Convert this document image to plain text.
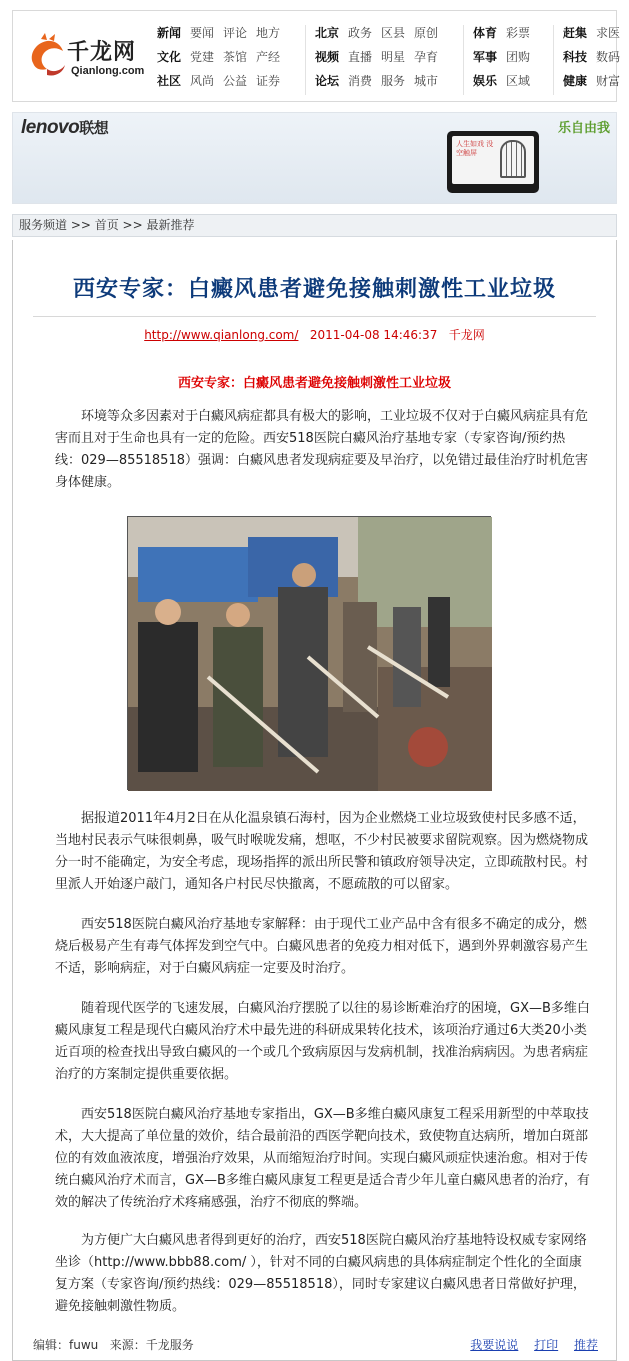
千龙网
Qianlong.com
新闻 要闻 评论 地方
文化 党建 茶馆 产经
社区 风尚 公益 证券
北京 政务 区县 原创
视频 直播 明星 孕育
论坛 消费 服务 城市
体育 彩票
军事 团购
娱乐 区域
赶集 求医
科技 数码
健康 财富
lenovo联想
人生如戏 没空触屏
乐自由我
服务频道 >> 首页 >> 最新推荐
西安专家：白癜风患者避免接触刺激性工业垃圾
http://www.qianlong.com/ 2011-04-08 14:46:37 千龙网
西安专家：白癜风患者避免接触刺激性工业垃圾
环境等众多因素对于白癜风病症都具有极大的影响，工业垃圾不仅对于白癜风病症具有危害而且对于生命也具有一定的危险。西安518医院白癜风治疗基地专家（专家咨询/预约热线：029—85518518）强调：白癜风患者发现病症要及早治疗，以免错过最佳治疗时机危害身体健康。
据报道2011年4月2日在从化温泉镇石海村，因为企业燃烧工业垃圾致使村民多感不适，当地村民表示气味很刺鼻，吸气时喉咙发痛，想呕，不少村民被要求留院观察。因为燃烧物成分一时不能确定，为安全考虑，现场指挥的派出所民警和镇政府领导决定，立即疏散村民。村里派人开始逐户敲门，通知各户村民尽快撤离，不愿疏散的可以留家。
西安518医院白癜风治疗基地专家解释：由于现代工业产品中含有很多不确定的成分，燃烧后极易产生有毒气体挥发到空气中。白癜风患者的免疫力相对低下，遇到外界刺激容易产生不适，影响病症，对于白癜风病症一定要及时治疗。
随着现代医学的飞速发展，白癜风治疗摆脱了以往的易诊断难治疗的困境，GX—B多维白癜风康复工程是现代白癜风治疗术中最先进的科研成果转化技术，该项治疗通过6大类20小类近百项的检查找出导致白癜风的一个或几个致病原因与发病机制，找准治病病因。为患者病症治疗的方案制定提供重要依据。
西安518医院白癜风治疗基地专家指出，GX—B多维白癜风康复工程采用新型的中萃取技术，大大提高了单位量的效价，结合最前沿的西医学靶向技术，致使物直达病所，增加白斑部位的有效血液浓度，增强治疗效果，从而缩短治疗时间。实现白癜风顽症快速治愈。相对于传统白癜风治疗术而言，GX—B多维白癜风康复工程更是适合青少年儿童白癜风患者的治疗，有效的解决了传统治疗术疼痛感强，治疗不彻底的弊端。
为方便广大白癜风患者得到更好的治疗，西安518医院白癜风治疗基地特设权威专家网络坐诊（http://www.bbb88.com/ ），针对不同的白癜风病患的具体病症制定个性化的全面康复方案（专家咨询/预约热线：029—85518518），同时专家建议白癜风患者日常做好护理，避免接触刺激性物质。
编辑：fuwu 来源：千龙服务	我要说说 打印 推荐
